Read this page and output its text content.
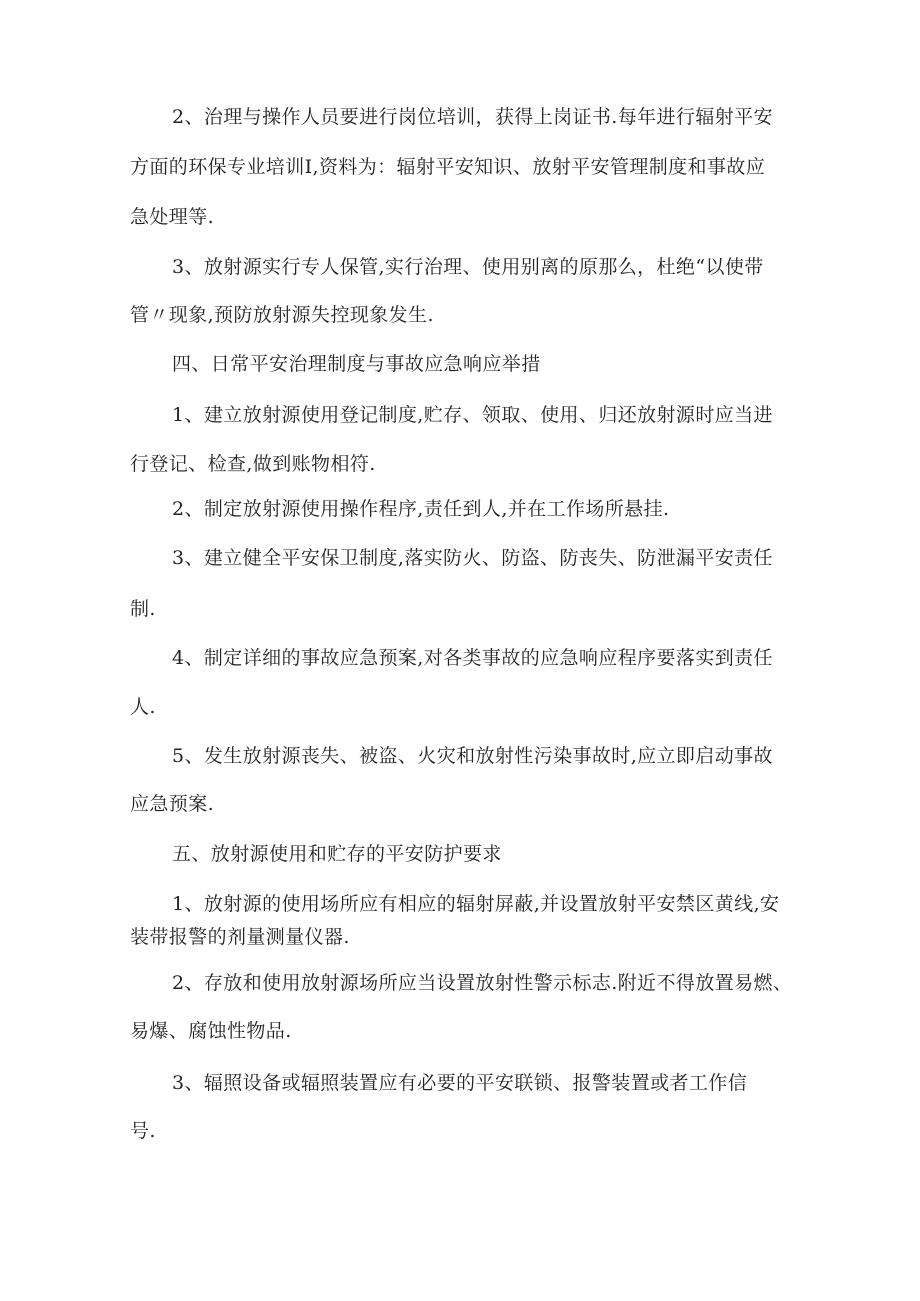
2、治理与操作人员要进行岗位培训，获得上岗证书.每年进行辐射平安
方面的环保专业培训Ⅰ,资料为：辐射平安知识、放射平安管理制度和事故应
急处理等.
3、放射源实行专人保管,实行治理、使用别离的原那么，杜绝“以使带
管〃现象,预防放射源失控现象发生.
四、日常平安治理制度与事故应急响应举措
1、建立放射源使用登记制度,贮存、领取、使用、归还放射源时应当进
行登记、检查,做到账物相符.
2、制定放射源使用操作程序,责任到人,并在工作场所悬挂.
3、建立健全平安保卫制度,落实防火、防盗、防丧失、防泄漏平安责任
制.
4、制定详细的事故应急预案,对各类事故的应急响应程序要落实到责任
人.
5、发生放射源丧失、被盗、火灾和放射性污染事故时,应立即启动事故
应急预案.
五、放射源使用和贮存的平安防护要求
1、放射源的使用场所应有相应的辐射屏蔽,并设置放射平安禁区黄线,安
装带报警的剂量测量仪器.
2、存放和使用放射源场所应当设置放射性警示标志.附近不得放置易燃、
易爆、腐蚀性物品.
3、辐照设备或辐照装置应有必要的平安联锁、报警装置或者工作信
号.
